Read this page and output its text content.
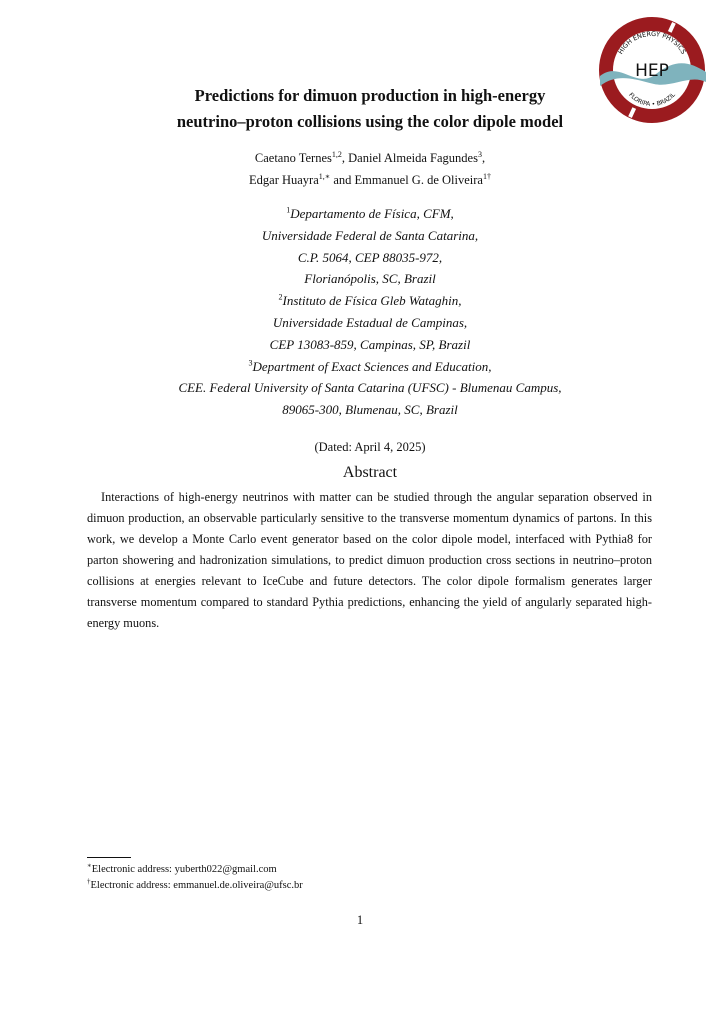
HIGH ENERGY PHYSICS
HEP
FLORIPA • BRAZIL
Predictions for dimuon production in high-energy
neutrino–proton collisions using the color dipole model
Caetano Ternes$^{1,2}$, Daniel Almeida Fagundes$^3$,
Edgar Huayra$^{1,∗}$ and Emmanuel G. de Oliveira$^{1\dagger}$
$^1$Departamento de Física, CFM,
Universidade Federal de Santa Catarina,
C.P. 5064, CEP 88035-972,
Florianópolis, SC, Brazil
$^2$Instituto de Física Gleb Wataghin,
Universidade Estadual de Campinas,
CEP 13083-859, Campinas, SP, Brazil
$^3$Department of Exact Sciences and Education,
CEE. Federal University of Santa Catarina (UFSC) - Blumenau Campus,
89065-300, Blumenau, SC, Brazil
(Dated: April 4, 2025)
Abstract
Interactions of high-energy neutrinos with matter can be studied through the angular separation observed in dimuon production, an observable particularly sensitive to the transverse momentum dynamics of partons. In this work, we develop a Monte Carlo event generator based on the color dipole model, interfaced with Pythia8 for parton showering and hadronization simulations, to predict dimuon production cross sections in neutrino–proton collisions at energies relevant to IceCube and future detectors. The color dipole formalism generates larger transverse momentum compared to standard Pythia predictions, enhancing the yield of angularly separated high-energy muons.
∗Electronic address: yuberth022@gmail.com
†Electronic address: emmanuel.de.oliveira@ufsc.br
1
